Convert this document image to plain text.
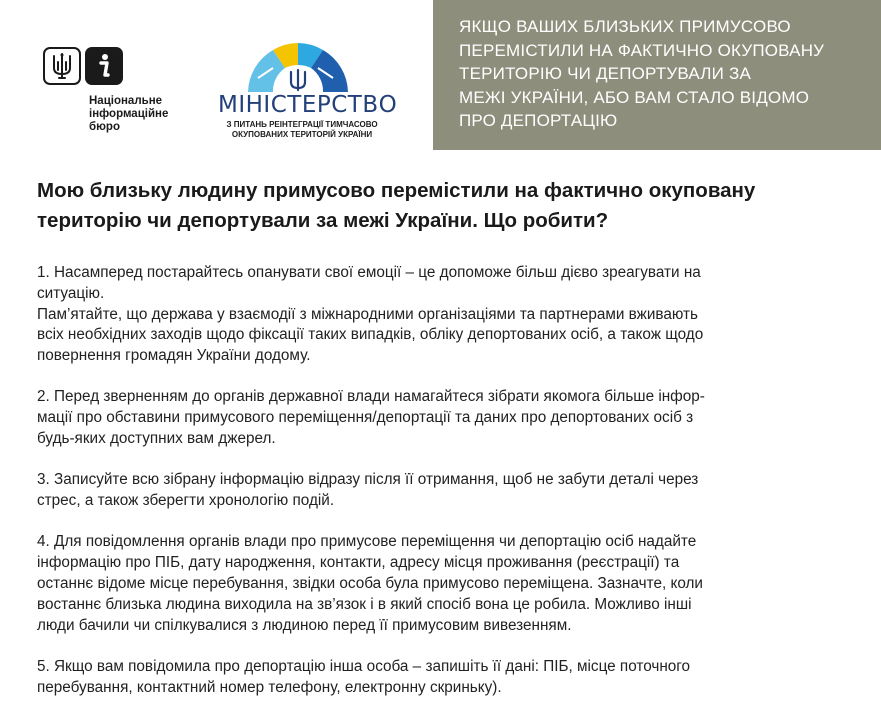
Національне
інформаційне
бюро
МІНІСТЕРСТВО
З ПИТАНЬ РЕІНТЕГРАЦІЇ ТИМЧАСОВО
ОКУПОВАНИХ ТЕРИТОРІЙ УКРАЇНИ
ЯКЩО ВАШИХ БЛИЗЬКИХ ПРИМУСОВО
ПЕРЕМІСТИЛИ НА ФАКТИЧНО ОКУПОВАНУ
ТЕРИТОРІЮ ЧИ ДЕПОРТУВАЛИ ЗА
МЕЖІ УКРАЇНИ, АБО ВАМ СТАЛО ВІДОМО
ПРО ДЕПОРТАЦІЮ
Мою близьку людину примусово перемістили на фактично окуповану
територію чи депортували за межі України. Що робити?

1. Насамперед постарайтесь опанувати свої емоції – це допоможе більш дієво зреагувати на

ситуацію.

Пам’ятайте, що держава у взаємодії з міжнародними організаціями та партнерами вживають

всіх необхідних заходів щодо фіксації таких випадків, обліку депортованих осіб, а також щодо

повернення громадян України додому.

2. Перед зверненням до органів державної влади намагайтеся зібрати якомога більше інфор-

мації про обставини примусового переміщення/депортації та даних про депортованих осіб з

будь-яких доступних вам джерел.

3. Записуйте всю зібрану інформацію відразу після її отримання, щоб не забути деталі через

стрес, а також зберегти хронологію подій.

4. Для повідомлення органів влади про примусове переміщення чи депортацію осіб надайте

інформацію про ПІБ, дату народження, контакти, адресу місця проживання (реєстрації) та

останнє відоме місце перебування, звідки особа була примусово переміщена. Зазначте, коли

востаннє близька людина виходила на зв’язок і в який спосіб вона це робила. Можливо інші

люди бачили чи спілкувалися з людиною перед її примусовим вивезенням.

5. Якщо вам повідомила про депортацію інша особа – запишіть її дані: ПІБ, місце поточного

перебування, контактний номер телефону, електронну скриньку).
